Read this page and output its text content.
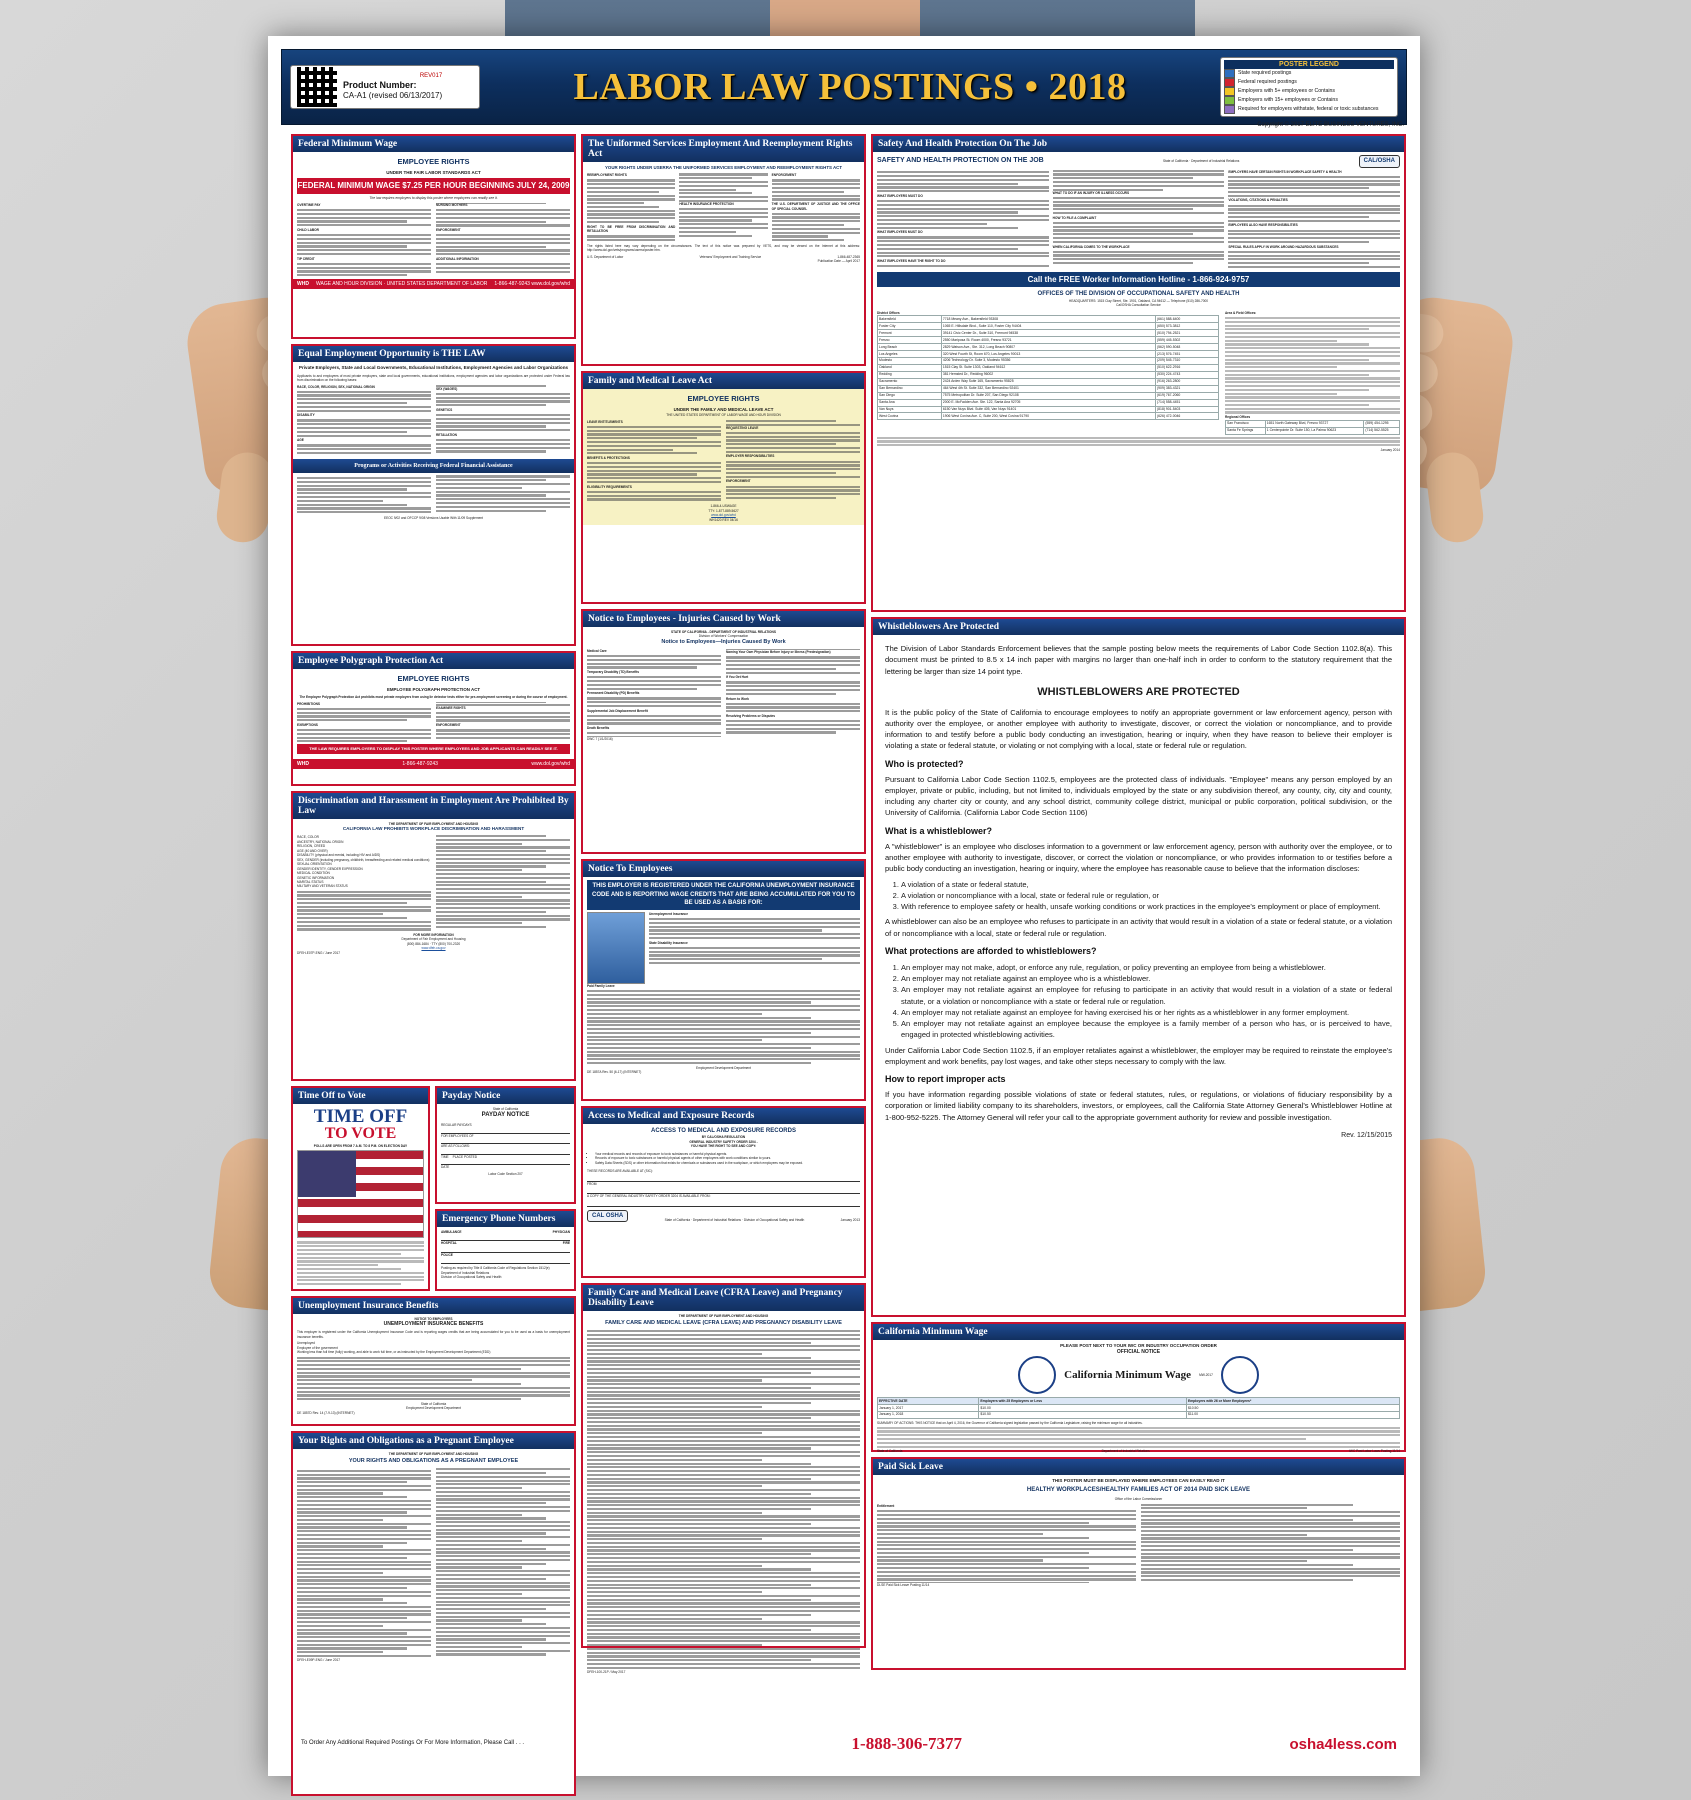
REV017
Product Number:
CA-A1 (revised 06/13/2017)	LABOR LAW POSTINGS • 2018
POSTER LEGEND
State required postings
Federal required postings
Employers with 5+ employees or Contains
Employers with 15+ employees or Contains
Required for employers withstate, federal or toxic substances
Copyright © 2017 ELITE BUSINESS VENTURES, INC.
Federal Minimum Wage
EMPLOYEE RIGHTS
UNDER THE FAIR LABOR STANDARDS ACT
FEDERAL MINIMUM WAGE $7.25 PER HOUR BEGINNING JULY 24, 2009
The law requires employers to display this poster where employees can readily see it.
OVERTIME PAY
CHILD LABOR
TIP CREDIT
NURSING MOTHERS
ENFORCEMENT
ADDITIONAL INFORMATION
WHD WAGE AND HOUR DIVISION · UNITED STATES DEPARTMENT OF LABOR 1-866-487-9243 www.dol.gov/whd
Equal Employment Opportunity is THE LAW
Private Employers, State and Local Governments, Educational Institutions, Employment Agencies and Labor Organizations
Applicants to and employees of most private employers, state and local governments, educational institutions, employment agencies and labor organizations are protected under Federal law from discrimination on the following bases:
RACE, COLOR, RELIGION, SEX, NATIONAL ORIGIN
DISABILITY
AGE
SEX (WAGES)
GENETICS
RETALIATION
Programs or Activities Receiving Federal Financial Assistance
EEOC 9/02 and OFCCP 9/08 Versions Usable With 11/09 Supplement
Employee Polygraph Protection Act
EMPLOYEE RIGHTS
EMPLOYEE POLYGRAPH PROTECTION ACT
The Employee Polygraph Protection Act prohibits most private employers from using lie detector tests either for pre-employment screening or during the course of employment.
PROHIBITIONS
EXEMPTIONS
EXAMINEE RIGHTS
ENFORCEMENT
THE LAW REQUIRES EMPLOYERS TO DISPLAY THIS POSTER WHERE EMPLOYEES AND JOB APPLICANTS CAN READILY SEE IT.
WHD	1-866-487-9243	www.dol.gov/whd
Discrimination and Harassment in Employment Are Prohibited By Law
THE DEPARTMENT OF FAIR EMPLOYMENT AND HOUSING
CALIFORNIA LAW PROHIBITS WORKPLACE DISCRIMINATION AND HARASSMENT
RACE, COLOR
ANCESTRY, NATIONAL ORIGIN
RELIGION, CREED
AGE (40 AND OVER)
DISABILITY (physical and mental, including HIV and AIDS)
SEX, GENDER (including pregnancy, childbirth, breastfeeding and related medical conditions)
SEXUAL ORIENTATION
GENDER IDENTITY, GENDER EXPRESSION
MEDICAL CONDITION
GENETIC INFORMATION
MARITAL STATUS
MILITARY AND VETERAN STATUS
FOR MORE INFORMATION
Department of Fair Employment and Housing
(800) 884-1684 · TTY (800) 700-2320
www.dfeh.ca.gov
DFEH-E07P-ENG / June 2017
Time Off to Vote
TIME OFF
TO VOTE
POLLS ARE OPEN FROM 7 A.M. TO 8 P.M. ON ELECTION DAY
Payday Notice
State of California
PAYDAY NOTICE
REGULAR PAYDAYS
FOR EMPLOYEES OF
ARE AS FOLLOWS:
TIME PLACE POSTED
DATE
Labor Code Section 207
Emergency Phone Numbers
AMBULANCE	PHYSICIAN
HOSPITAL	FIRE
POLICE
Posting as required by Title 8 California Code of Regulations Section 1512(e)
Department of Industrial Relations
Division of Occupational Safety and Health
Unemployment Insurance Benefits
NOTICE TO EMPLOYEES
UNEMPLOYMENT INSURANCE BENEFITS
This employer is registered under the California Unemployment Insurance Code and is reporting wages credits that are being accumulated for you to be used as a basis for unemployment insurance benefits.
Unemployed
Employee of the government
Working less than full time (fully) working, and able to work full time, or as instructed by the Employment Development Department (EDD)
State of California
Employment Development Department
DE 1857D Rev. 14 (7-9-13) (INTERNET)
Your Rights and Obligations as a Pregnant Employee
THE DEPARTMENT OF FAIR EMPLOYMENT AND HOUSING
YOUR RIGHTS AND OBLIGATIONS AS A PREGNANT EMPLOYEE
DFEH-E09P-ENG / June 2017
The Uniformed Services Employment And Reemployment Rights Act
YOUR RIGHTS UNDER USERRA THE UNIFORMED SERVICES EMPLOYMENT AND REEMPLOYMENT RIGHTS ACT
REEMPLOYMENT RIGHTS
RIGHT TO BE FREE FROM DISCRIMINATION AND RETALIATION
HEALTH INSURANCE PROTECTION
ENFORCEMENT
THE U.S. DEPARTMENT OF JUSTICE AND THE OFFICE OF SPECIAL COUNSEL
The rights listed here may vary depending on the circumstances. The text of this notice was prepared by VETS, and may be viewed on the Internet at this address: http://www.dol.gov/vets/programs/userra/poster.htm.
U.S. Department of Labor	Veterans' Employment and Training Service	1-866-487-2365
Publication Date — April 2017
Family and Medical Leave Act
EMPLOYEE RIGHTS
UNDER THE FAMILY AND MEDICAL LEAVE ACT
THE UNITED STATES DEPARTMENT OF LABOR WAGE AND HOUR DIVISION
LEAVE ENTITLEMENTS
BENEFITS & PROTECTIONS
ELIGIBILITY REQUIREMENTS
REQUESTING LEAVE
EMPLOYER RESPONSIBILITIES
ENFORCEMENT
1-866-4-USWAGE
TTY: 1-877-889-5627
www.dol.gov/whd
WH1420 REV 04/16
Notice to Employees - Injuries Caused by Work
STATE OF CALIFORNIA - DEPARTMENT OF INDUSTRIAL RELATIONS
Division of Workers' Compensation
Notice to Employees—Injuries Caused By Work
Medical Care
Temporary Disability (TD) Benefits
Permanent Disability (PD) Benefits
Supplemental Job Displacement Benefit
Death Benefits
Naming Your Own Physician Before Injury or Illness (Predesignation)
If You Get Hurt
Return to Work
Resolving Problems or Disputes
DWC 7 (1/1/2016)
Notice To Employees
THIS EMPLOYER IS REGISTERED UNDER THE CALIFORNIA UNEMPLOYMENT INSURANCE CODE AND IS REPORTING WAGE CREDITS THAT ARE BEING ACCUMULATED FOR YOU TO BE USED AS A BASIS FOR:
Unemployment Insurance
State Disability Insurance
Paid Family Leave
Employment Development Department
DE 1857A Rev. 50 (6-17) (INTERNET)
Access to Medical and Exposure Records
ACCESS TO MEDICAL AND EXPOSURE RECORDS
BY CAL/OSHA REGULATION
GENERAL INDUSTRY SAFETY ORDER 3204 -
YOU HAVE THE RIGHT TO SEE AND COPY:
• Your medical records and records of exposure to toxic substances or harmful physical agents.
• Records of exposure to toxic substances or harmful physical agents of other employees with work conditions similar to yours.
• Safety Data Sheets (SDS) or other information that exists for chemicals or substances used in the workplace, or which employees may be exposed.
THESE RECORDS ARE AVAILABLE AT (SIC):
FROM:
A COPY OF THE GENERAL INDUSTRY SAFETY ORDER 3204 IS AVAILABLE FROM:
CAL OSHA
State of California · Department of Industrial Relations · Division of Occupational Safety and Health	January 2013
Family Care and Medical Leave (CFRA Leave) and Pregnancy Disability Leave
THE DEPARTMENT OF FAIR EMPLOYMENT AND HOUSING
FAMILY CARE AND MEDICAL LEAVE (CFRA LEAVE) AND PREGNANCY DISABILITY LEAVE
DFEH-100-21P / May 2017
Safety And Health Protection On The Job
SAFETY AND HEALTH PROTECTION ON THE JOB	State of California · Department of Industrial Relations	CAL/OSHA
WHAT EMPLOYERS MUST DO
WHAT EMPLOYEES MUST DO
WHAT EMPLOYEES HAVE THE RIGHT TO DO
WHAT TO DO IF AN INJURY OR ILLNESS OCCURS
HOW TO FILE A COMPLAINT
WHEN CALIFORNIA COMES TO THE WORKPLACE
EMPLOYERS HAVE CERTAIN RIGHTS IN WORKPLACE SAFETY & HEALTH
VIOLATIONS, CITATIONS & PENALTIES
EMPLOYEES ALSO HAVE RESPONSIBILITIES
SPECIAL RULES APPLY IN WORK AROUND HAZARDOUS SUBSTANCES
Call the FREE Worker Information Hotline - 1-866-924-9757
OFFICES OF THE DIVISION OF OCCUPATIONAL SAFETY AND HEALTH
HEADQUARTERS: 1515 Clay Street, Ste. 1901, Oakland, CA 94612 — Telephone (510) 286-7000
Cal/OSHA Consultation Service
District Offices
Bakersfield	7718 Meany Ave., Bakersfield 93308	(661) 588-6400
Foster City	1065 E. Hillsdale Blvd., Suite 110, Foster City 94404	(650) 573-3812
Fremont	39141 Civic Center Dr., Suite 310, Fremont 94538	(510) 794-2521
Fresno	2550 Mariposa St. Room 4000, Fresno 93721	(559) 445-5302
Long Beach	2829 Watson Ave., Ste. 312, Long Beach 90807	(562) 590-5048
Los Angeles	320 West Fourth St, Room 670, Los Angeles 90013	(213) 576-7451
Modesto	4206 Technology Dr. Suite 3, Modesto 95356	(209) 545-7310
Oakland	1515 Clay St. Suite 1303, Oakland 94612	(510) 622-2916
Redding	381 Hemsted Dr., Redding 96002	(530) 224-4743
Sacramento	2424 Arden Way Suite 165, Sacramento 95825	(916) 263-2800
San Bernardino	464 West 4th St. Suite 332, San Bernardino 92401	(909) 383-4321
San Diego	7575 Metropolitan Dr. Suite 207, San Diego 92108	(619) 767-2060
Santa Ana	2000 E. McFadden Ave. Ste. 122, Santa Ana 92705	(714) 558-4451
Van Nuys	6150 Van Nuys Blvd. Suite 405, Van Nuys 91401	(818) 901-5403
West Covina	1906 West Covina Ave. C, Suite 200, West Covina 91790	(626) 472-0046
Area & Field Offices:
Regional Offices
San Francisco	1651 North Gateway Blvd, Fresno 93727	(559) 454-1295
Santa Fe Springs	1 Centerpointe Dr. Suite 150, La Palma 90623	(714) 562-5525
January 2014
Whistleblowers Are Protected
The Division of Labor Standards Enforcement believes that the sample posting below meets the requirements of Labor Code Section 1102.8(a). This document must be printed to 8.5 x 14 inch paper with margins no larger than one-half inch in order to conform to the statutory requirement that the lettering be larger than size 14 point type.
WHISTLEBLOWERS ARE PROTECTED
It is the public policy of the State of California to encourage employees to notify an appropriate government or law enforcement agency, person with authority over the employee, or another employee with authority to investigate, discover, or correct the violation or noncompliance, and to provide information to and testify before a public body conducting an investigation, hearing or inquiry, when they have reason to believe their employer is violating a state or federal statute, or violating or not complying with a local, state or federal rule or regulation.
Who is protected?
Pursuant to California Labor Code Section 1102.5, employees are the protected class of individuals. "Employee" means any person employed by an employer, private or public, including, but not limited to, individuals employed by the state or any subdivision thereof, any county, city, city and county, including any charter city or county, and any school district, community college district, municipal or public corporation, political subdivision, or the University of California. (California Labor Code Section 1106)
What is a whistleblower?
A "whistleblower" is an employee who discloses information to a government or law enforcement agency, person with authority over the employee, or to another employee with authority to investigate, discover, or correct the violation or noncompliance, or who provides information to or testifies before a public body conducting an investigation, hearing or inquiry, where the employee has reasonable cause to believe that the information discloses:
1. A violation of a state or federal statute,
2. A violation or noncompliance with a local, state or federal rule or regulation, or
3. With reference to employee safety or health, unsafe working conditions or work practices in the employee's employment or place of employment.
A whistleblower can also be an employee who refuses to participate in an activity that would result in a violation of a state or federal statute, or a violation of or noncompliance with a local, state or federal rule or regulation.
What protections are afforded to whistleblowers?
1. An employer may not make, adopt, or enforce any rule, regulation, or policy preventing an employee from being a whistleblower.
2. An employer may not retaliate against an employee who is a whistleblower.
3. An employer may not retaliate against an employee for refusing to participate in an activity that would result in a violation of a state or federal statute, or a violation or noncompliance with a state or federal rule or regulation.
4. An employer may not retaliate against an employee for having exercised his or her rights as a whistleblower in any former employment.
5. An employer may not retaliate against an employee because the employee is a family member of a person who has, or is perceived to have, engaged in protected whistleblowing activities.
Under California Labor Code Section 1102.5, if an employer retaliates against a whistleblower, the employer may be required to reinstate the employee's employment and work benefits, pay lost wages, and take other steps necessary to comply with the law.
How to report improper acts
If you have information regarding possible violations of state or federal statutes, rules, or regulations, or violations of fiduciary responsibility by a corporation or limited liability company to its shareholders, investors, or employees, call the California State Attorney General's Whistleblower Hotline at 1-800-952-5225. The Attorney General will refer your call to the appropriate government authority for review and possible investigation.
Rev. 12/15/2015
California Minimum Wage
PLEASE POST NEXT TO YOUR IWC OR INDUSTRY OCCUPATION ORDER
OFFICIAL NOTICE
California Minimum Wage	MW-2017
EFFECTIVE DATE	Employers with 25 Employees or Less	Employers with 26 or More Employees*
January 1, 2017	$10.00	$10.50
January 1, 2018	$10.50	$11.00
SUMMARY OF ACTIONS: THIS NOTICE that on April 4, 2016, the Governor of California signed legislation passed by the California Legislature, raising the minimum wage for all industries.
State of California	Department of Industrial Relations	IWC Post Labor Laws Posting 11/14
Paid Sick Leave
THIS POSTER MUST BE DISPLAYED WHERE EMPLOYEES CAN EASILY READ IT
HEALTHY WORKPLACES/HEALTHY FAMILIES ACT OF 2014 PAID SICK LEAVE
Office of the Labor Commissioner
Entitlement
DLSE Paid Sick Leave Posting 11/14
To Order Any Additional Required Postings Or For More Information, Please Call . . .	1-888-306-7377	osha4less.com
